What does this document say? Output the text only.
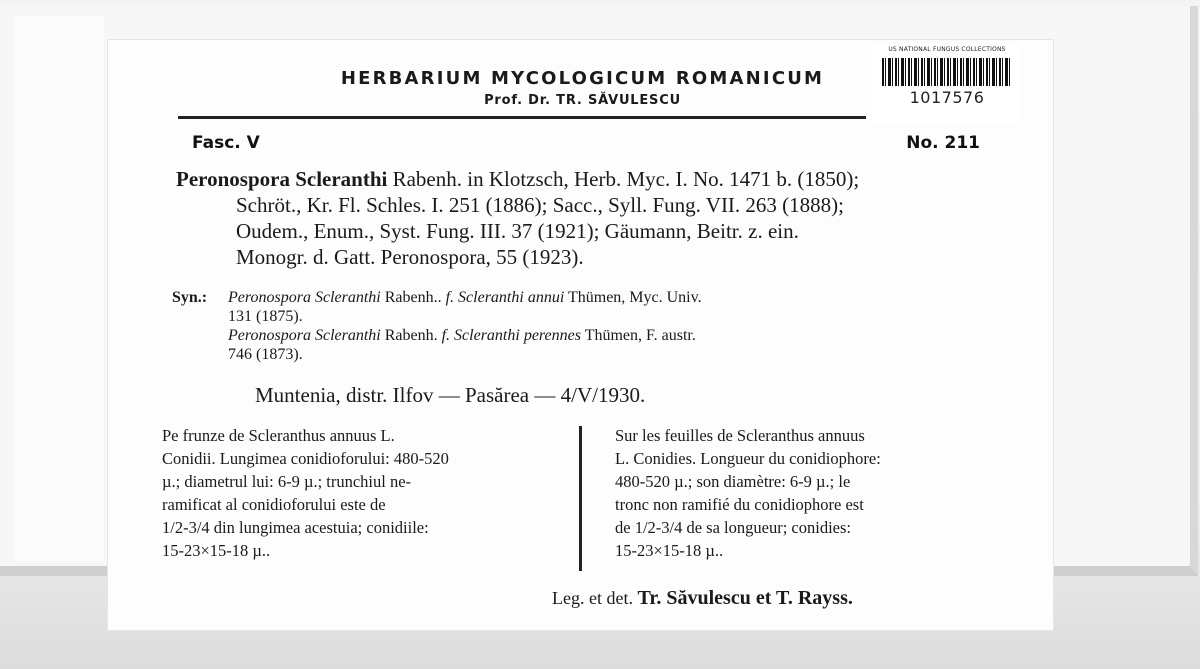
US NATIONAL FUNGUS COLLECTIONS
1017576
HERBARIUM MYCOLOGICUM ROMANICUM
Prof. Dr. TR. SĂVULESCU
Fasc. V	No. 211
Peronospora Scleranthi Rabenh. in Klotzsch, Herb. Myc. I. No. 1471 b. (1850);
Schröt., Kr. Fl. Schles. I. 251 (1886); Sacc., Syll. Fung. VII. 263 (1888);
Oudem., Enum., Syst. Fung. III. 37 (1921); Gäumann, Beitr. z. ein.
Monogr. d. Gatt. Peronospora, 55 (1923).
Syn.: Peronospora Scleranthi Rabenh.. f. Scleranthi annui Thümen, Myc. Univ.
131 (1875).
Peronospora Scleranthi Rabenh. f. Scleranthi perennes Thümen, F. austr.
746 (1873).
Muntenia, distr. Ilfov — Pasărea — 4/V/1930.
Pe frunze de Scleranthus annuus L.
Conidii. Lungimea conidioforului: 480-520
µ.; diametrul lui: 6-9 µ.; trunchiul ne-
ramificat al conidioforului este de
1/2-3/4 din lungimea acestuia; conidiile:
15-23×15-18 µ..
Sur les feuilles de Scleranthus annuus
L. Conidies. Longueur du conidiophore:
480-520 µ.; son diamètre: 6-9 µ.; le
tronc non ramifié du conidiophore est
de 1/2-3/4 de sa longueur; conidies:
15-23×15-18 µ..
Leg. et det. Tr. Săvulescu et T. Rayss.
